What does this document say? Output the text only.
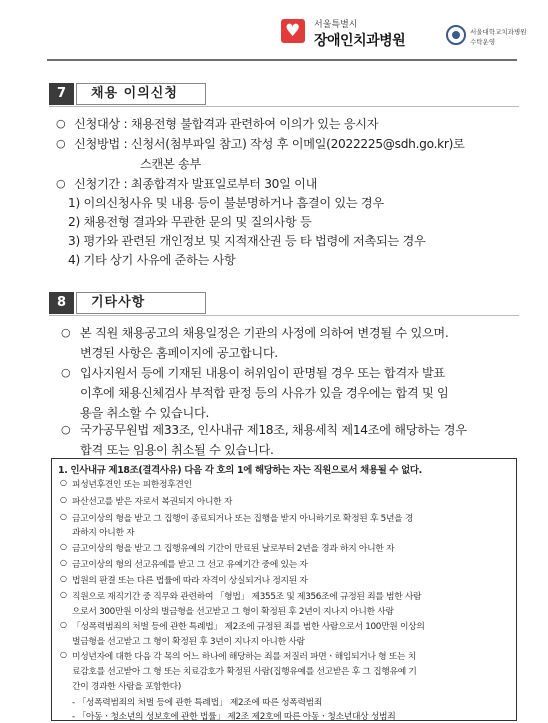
♥
서울특별시
장애인치과병원
서울대학교치과병원
수탁운영
7	채용 이의신청
○ 신청대상 : 채용전형 불합격과 관련하여 이의가 있는 응시자
○ 신청방법 : 신청서(첨부파일 참고) 작성 후 이메일(2022225@sdh.go.kr)로
스캔본 송부
○ 신청기간 : 최종합격자 발표일로부터 30일 이내
1) 이의신청사유 및 내용 등이 불분명하거나 흠결이 있는 경우
2) 채용전형 결과와 무관한 문의 및 질의사항 등
3) 평가와 관련된 개인정보 및 지적재산권 등 타 법령에 저촉되는 경우
4) 기타 상기 사유에 준하는 사항
8	기타사항
○ 본 직원 채용공고의 채용일정은 기관의 사정에 의하여 변경될 수 있으며.
변경된 사항은 홈페이지에 공고합니다.
○ 입사지원서 등에 기재된 내용이 허위임이 판명될 경우 또는 합격자 발표
이후에 채용신체검사 부적합 판정 등의 사유가 있을 경우에는 합격 및 임
용을 취소할 수 있습니다.
○ 국가공무원법 제33조, 인사내규 제18조, 채용세칙 제14조에 해당하는 경우
합격 또는 임용이 취소될 수 있습니다.
1. 인사내규 제18조(결격사유) 다음 각 호의 1에 해당하는 자는 직원으로서 채용될 수 없다.
○ 피성년후견인 또는 피한정후견인
○ 파산선고를 받은 자로서 복권되지 아니한 자
○ 금고이상의 형을 받고 그 집행이 종료되거나 또는 집행을 받지 아니하기로 확정된 후 5년을 경
과하지 아니한 자
○ 금고이상의 형을 받고 그 집행유예의 기간이 만료된 날로부터 2년을 경과 하지 아니한 자
○ 금고이상의 형의 선고유예를 받고 그 선고 유예기간 중에 있는 자
○ 법원의 판결 또는 다른 법률에 따라 자격이 상실되거나 정지된 자
○ 직원으로 재직기간 중 직무와 관련하여 「형법」 제355조 및 제356조에 규정된 죄를 범한 사람
으로서 300만원 이상의 벌금형을 선고받고 그 형이 확정된 후 2년이 지나지 아니한 사람
○ 「성폭력범죄의 처벌 등에 관한 특례법」 제2조에 규정된 죄를 범한 사람으로서 100만원 이상의
벌금형을 선고받고 그 형이 확정된 후 3년이 지나지 아니한 사람
○ 미성년자에 대한 다음 각 목의 어느 하나에 해당하는 죄를 저질러 파면ㆍ해임되거나 형 또는 치
료감호를 선고받아 그 형 또는 치료감호가 확정된 사람(집행유예를 선고받은 후 그 집행유예 기
간이 경과한 사람을 포함한다)
- 「성폭력범죄의 처벌 등에 관한 특례법」 제2조에 따른 성폭력범죄
- 「아동ㆍ청소년의 성보호에 관한 법률」 제2조 제2호에 따른 아동ㆍ청소년대상 성범죄
